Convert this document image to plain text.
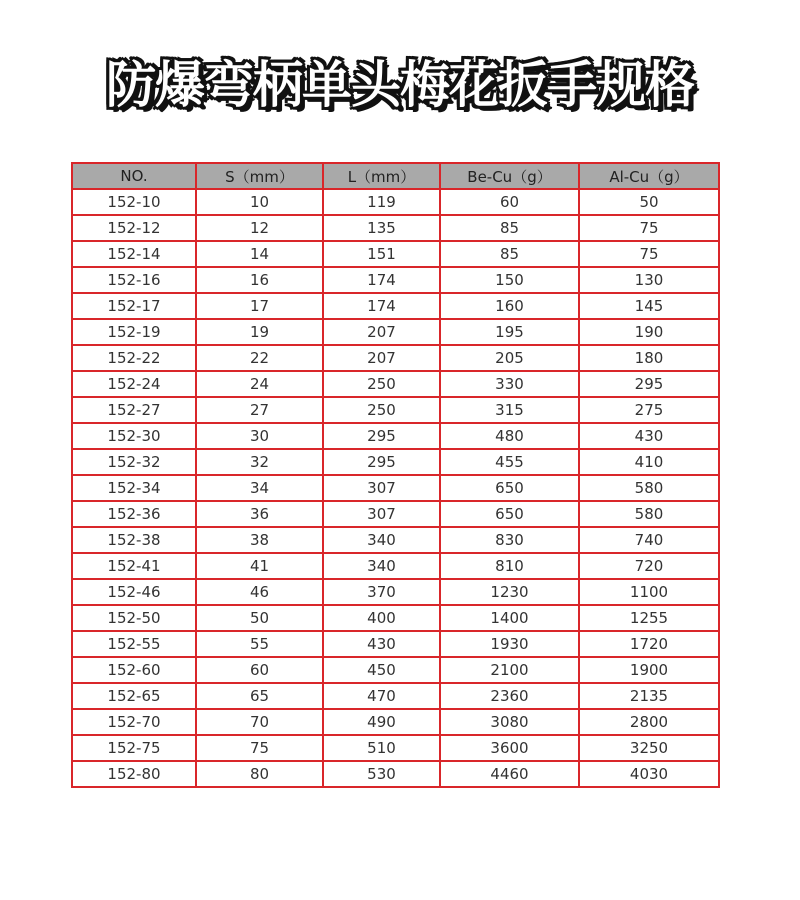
防爆弯柄单头梅花扳手规格
NO.	S（mm）	L（mm）	Be-Cu（g）	Al-Cu（g）
152-10	10	119	60	50
152-12	12	135	85	75
152-14	14	151	85	75
152-16	16	174	150	130
152-17	17	174	160	145
152-19	19	207	195	190
152-22	22	207	205	180
152-24	24	250	330	295
152-27	27	250	315	275
152-30	30	295	480	430
152-32	32	295	455	410
152-34	34	307	650	580
152-36	36	307	650	580
152-38	38	340	830	740
152-41	41	340	810	720
152-46	46	370	1230	1100
152-50	50	400	1400	1255
152-55	55	430	1930	1720
152-60	60	450	2100	1900
152-65	65	470	2360	2135
152-70	70	490	3080	2800
152-75	75	510	3600	3250
152-80	80	530	4460	4030
